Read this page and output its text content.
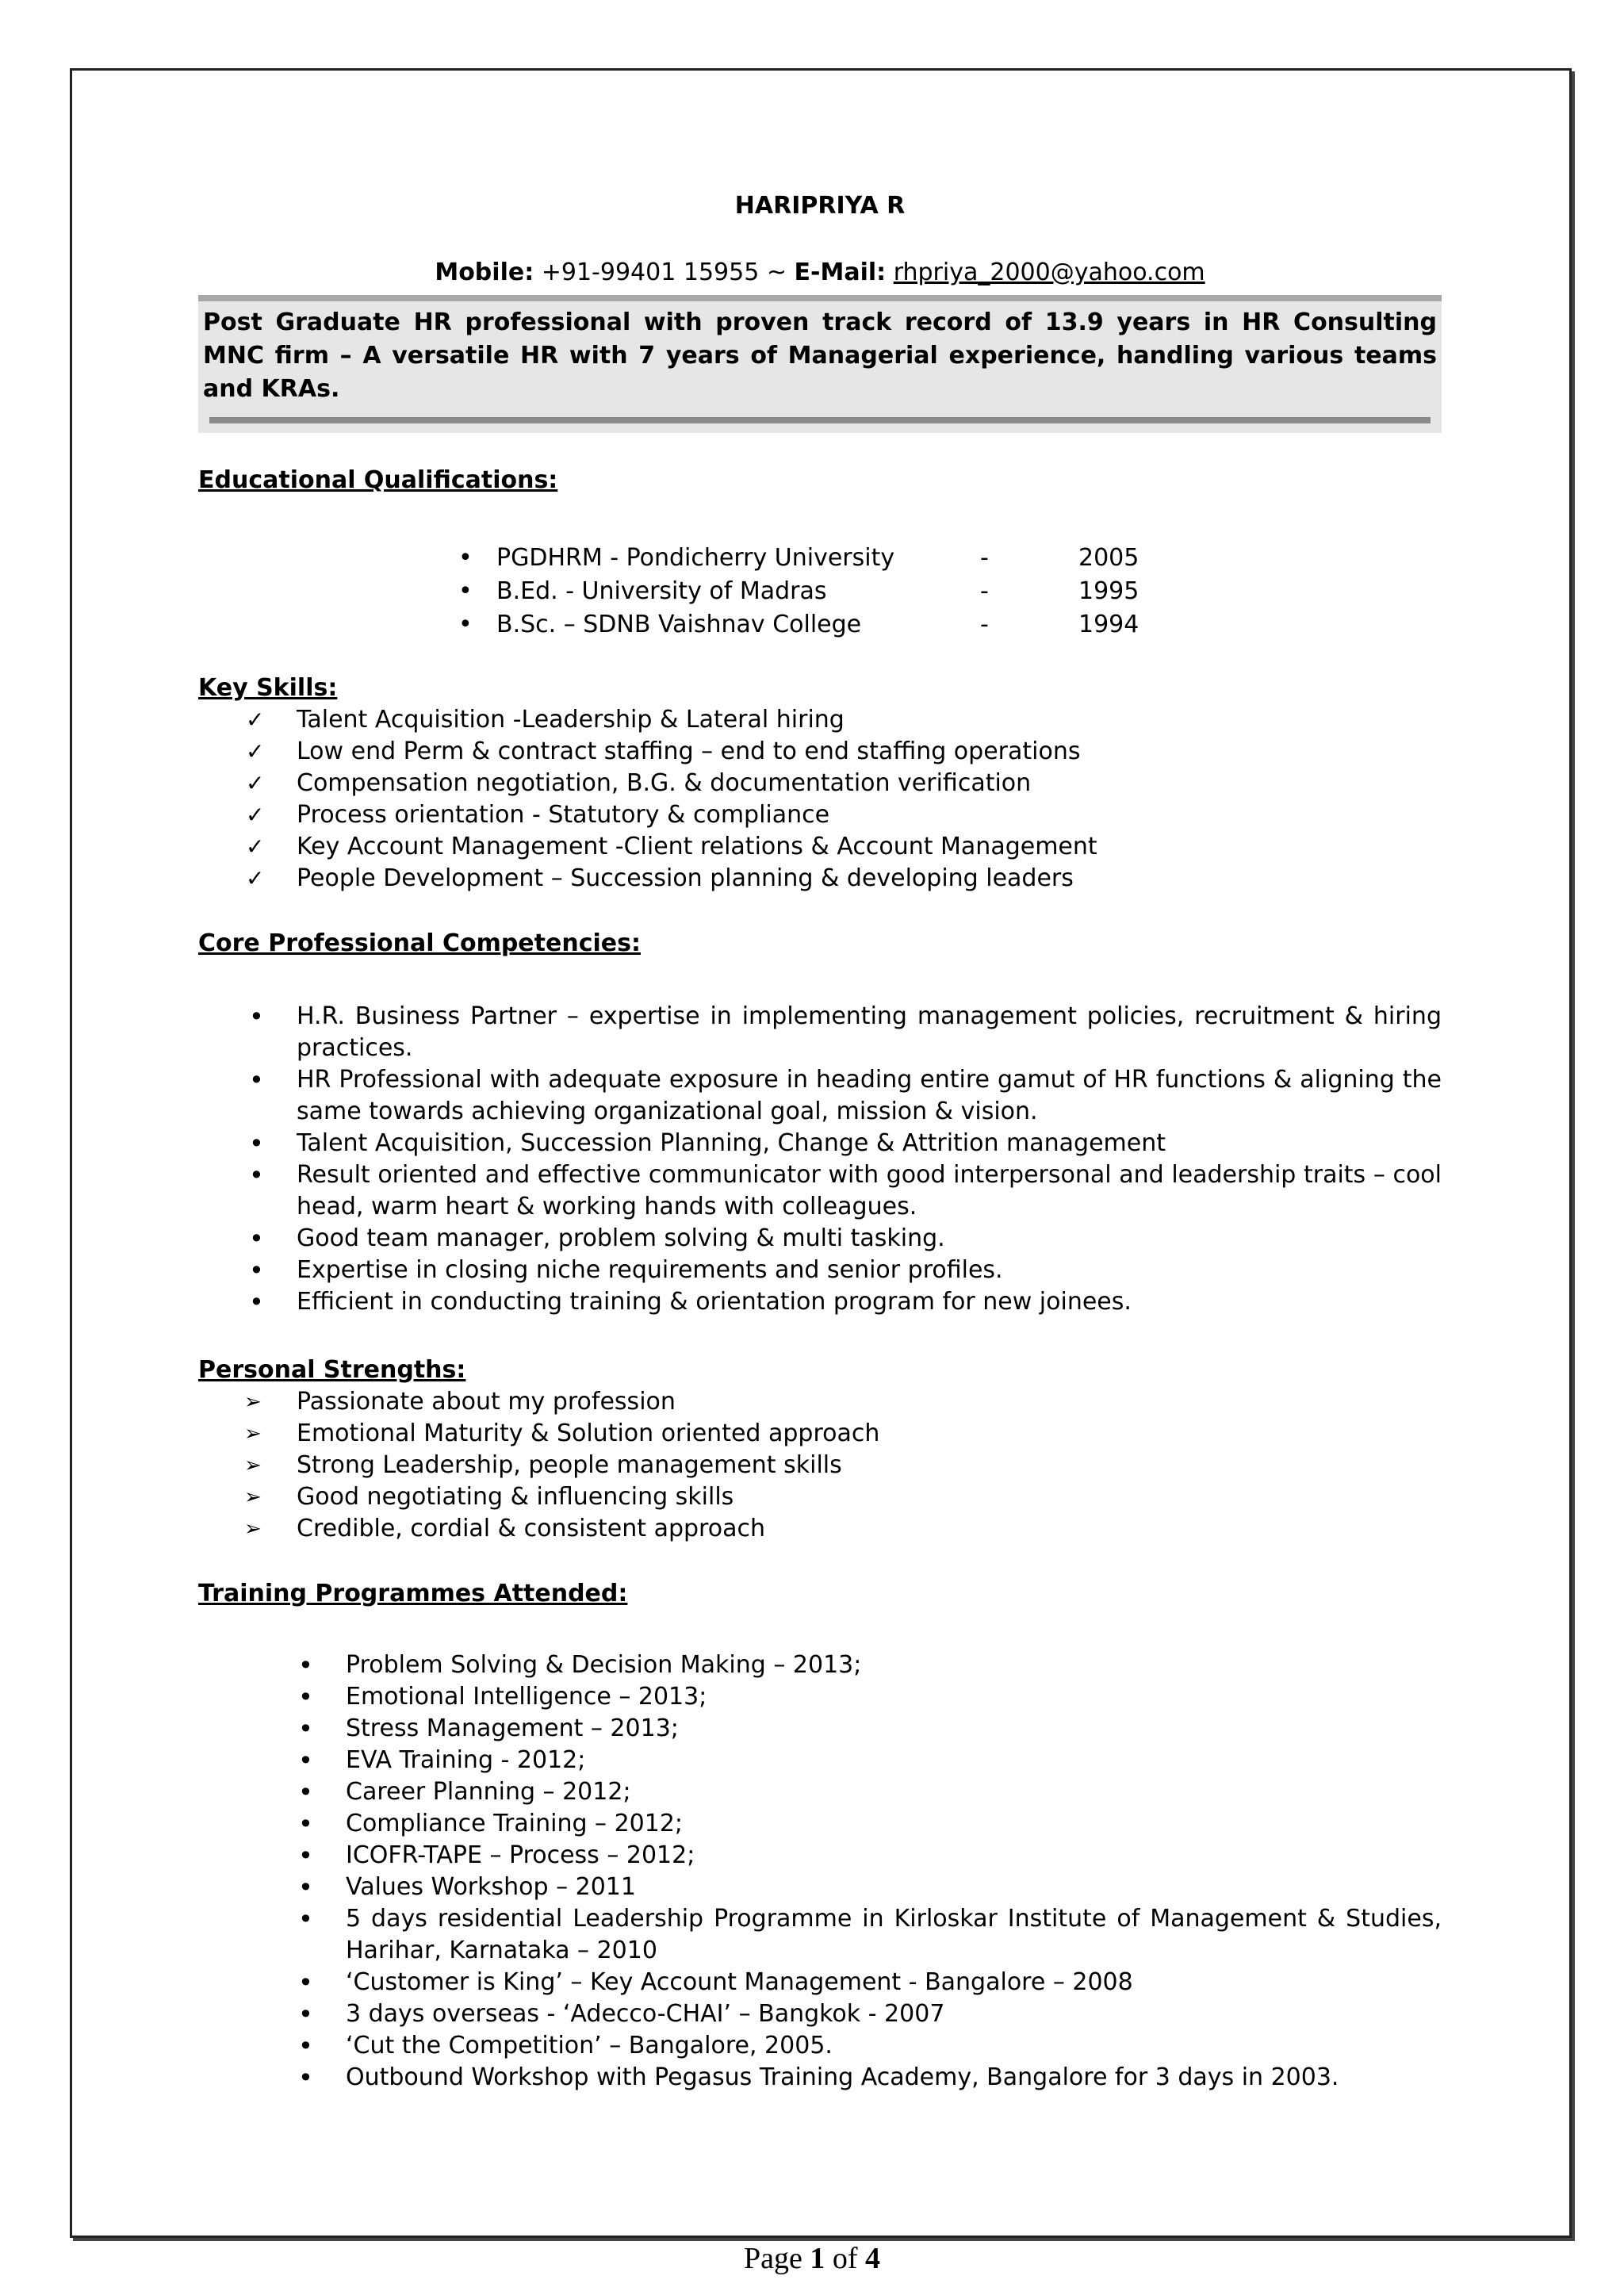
HARIPRIYA R

Mobile: +91-99401 15955 ~ E-Mail: rhpriya_2000@yahoo.com

Post Graduate HR professional with proven track record of 13.9 years in HR Consulting MNC firm – A versatile HR with 7 years of Managerial experience, handling various teams and KRAs.

Educational Qualifications:
• PGDHRM - Pondicherry University	-	2005
• B.Ed. - University of Madras	-	1995
• B.Sc. – SDNB Vaishnav College	-	1994
Key Skills:
✓ Talent Acquisition -Leadership & Lateral hiring
✓ Low end Perm & contract staffing – end to end staffing operations
✓ Compensation negotiation, B.G. & documentation verification
✓ Process orientation - Statutory & compliance
✓ Key Account Management -Client relations & Account Management
✓ People Development – Succession planning & developing leaders
Core Professional Competencies:
• H.R. Business Partner – expertise in implementing management policies, recruitment & hiring practices.
• HR Professional with adequate exposure in heading entire gamut of HR functions & aligning the same towards achieving organizational goal, mission & vision.
• Talent Acquisition, Succession Planning, Change & Attrition management
• Result oriented and effective communicator with good interpersonal and leadership traits – cool head, warm heart & working hands with colleagues.
• Good team manager, problem solving & multi tasking.
• Expertise in closing niche requirements and senior profiles.
• Efficient in conducting training & orientation program for new joinees.
Personal Strengths:
➢ Passionate about my profession
➢ Emotional Maturity & Solution oriented approach
➢ Strong Leadership, people management skills
➢ Good negotiating & influencing skills
➢ Credible, cordial & consistent approach
Training Programmes Attended:
• Problem Solving & Decision Making – 2013;
• Emotional Intelligence – 2013;
• Stress Management – 2013;
• EVA Training - 2012;
• Career Planning – 2012;
• Compliance Training – 2012;
• ICOFR-TAPE – Process – 2012;
• Values Workshop – 2011
• 5 days residential Leadership Programme in Kirloskar Institute of Management & Studies, Harihar, Karnataka – 2010
• ‘Customer is King’ – Key Account Management - Bangalore – 2008
• 3 days overseas - ‘Adecco-CHAI’ – Bangkok - 2007
• ‘Cut the Competition’ – Bangalore, 2005.
• Outbound Workshop with Pegasus Training Academy, Bangalore for 3 days in 2003.
Page 1 of 4
